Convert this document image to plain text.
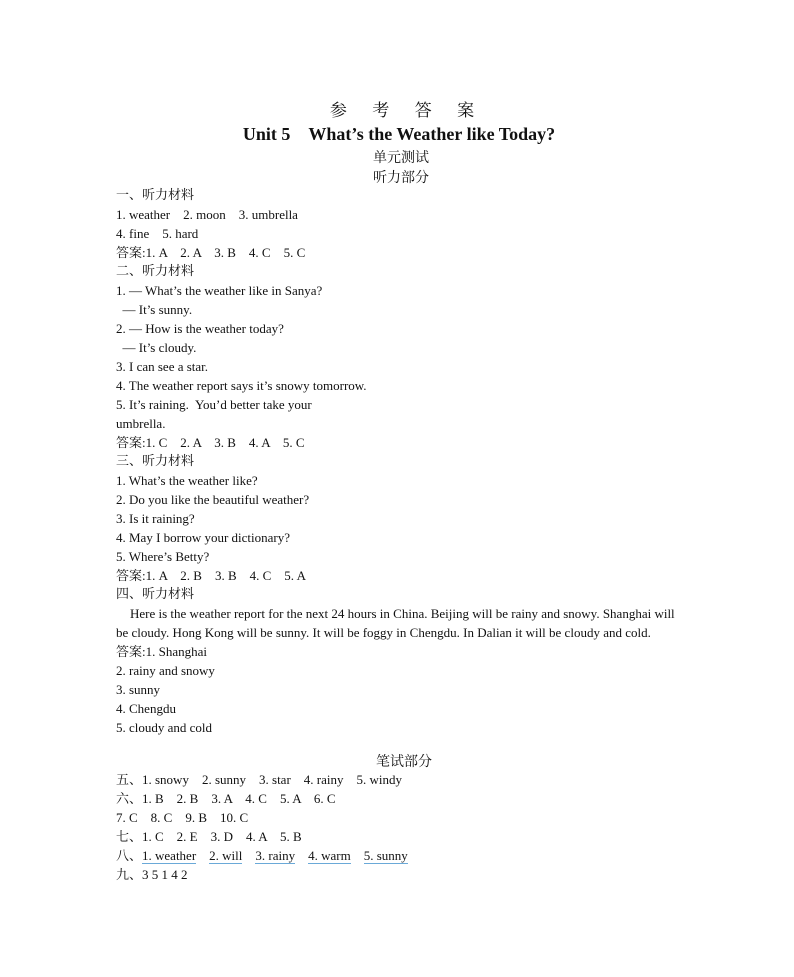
参 考 答 案
Unit 5 What’s the Weather like Today?
单元测试
听力部分
一、听力材料
1. weather    2. moon    3. umbrella
4. fine    5. hard
答案:1. A    2. A    3. B    4. C    5. C
二、听力材料
1. — What’s the weather like in Sanya?
— It’s sunny.
2. — How is the weather today?
— It’s cloudy.
3. I can see a star.
4. The weather report says it’s snowy tomorrow.
5. It’s raining.  You’d better take your
umbrella.
答案:1. C    2. A    3. B    4. A    5. C
三、听力材料
1. What’s the weather like?
2. Do you like the beautiful weather?
3. Is it raining?
4. May I borrow your dictionary?
5. Where’s Betty?
答案:1. A    2. B    3. B    4. C    5. A
四、听力材料
Here is the weather report for the next 24 hours in China. Beijing will be rainy and snowy. Shanghai will be cloudy. Hong Kong will be sunny. It will be foggy in Chengdu. In Dalian it will be cloudy and cold.
答案:1. Shanghai
2. rainy and snowy
3. sunny
4. Chengdu
5. cloudy and cold
笔试部分
五、1. snowy    2. sunny    3. star    4. rainy    5. windy
六、1. B    2. B    3. A    4. C    5. A    6. C
7. C    8. C    9. B    10. C
七、1. C    2. E    3. D    4. A    5. B
八、1. weather 2. will 3. rainy 4. warm 5. sunny
九、3 5 1 4 2
